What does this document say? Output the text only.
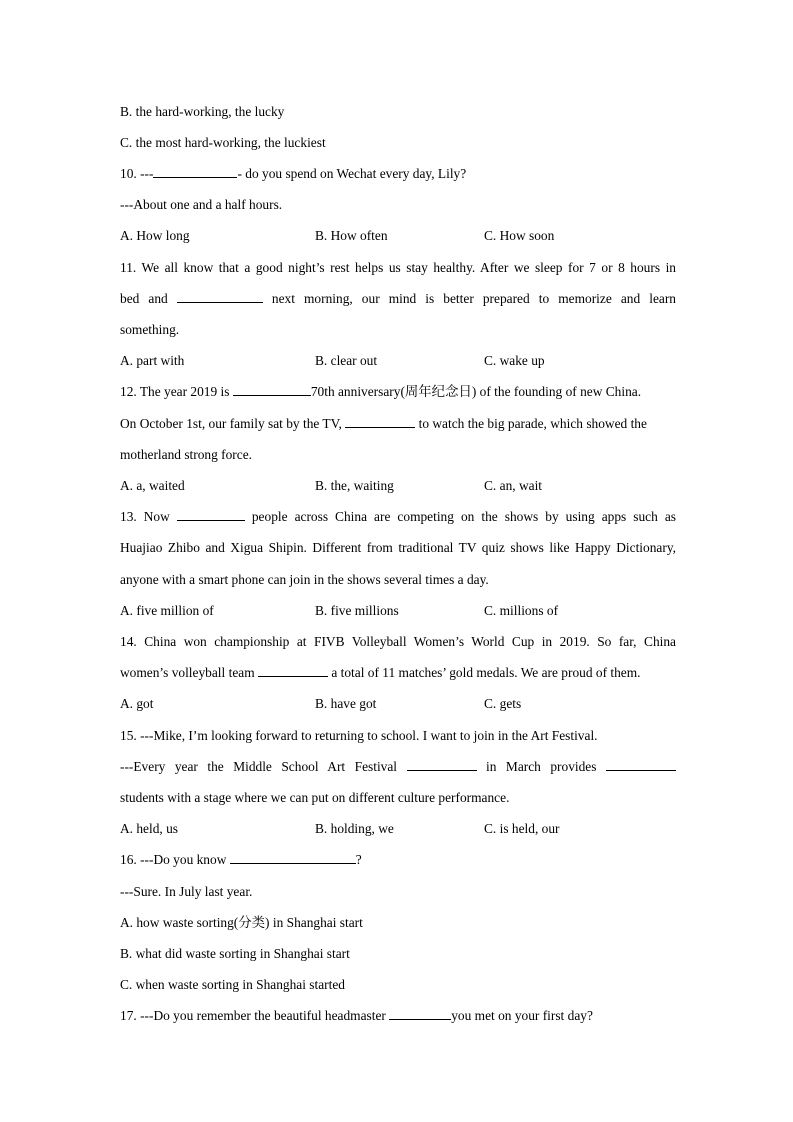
B. the hard-working, the lucky
C. the most hard-working, the luckiest
10. ---	- do you spend on Wechat every day, Lily?
---About one and a half hours.
A. How long	B. How often	C. How soon
11. We all know that a good night’s rest helps us stay healthy. After we sleep for 7 or 8 hours in
bed and	next morning, our mind is better prepared to memorize and learn
something.
A. part with	B. clear out	C. wake up
12. The year 2019 is	70th anniversary(周年纪念日) of the founding of new China.
On October 1st, our family sat by the TV,	to watch the big parade, which showed the
motherland strong force.
A. a, waited	B. the, waiting	C. an, wait
13. Now	people across China are competing on the shows by using apps such as
Huajiao Zhibo and Xigua Shipin. Different from traditional TV quiz shows like Happy Dictionary,
anyone with a smart phone can join in the shows several times a day.
A. five million of	B. five millions	C. millions of
14. China won championship at FIVB Volleyball Women’s World Cup in 2019. So far, China
women’s volleyball team	a total of 11 matches’ gold medals. We are proud of them.
A. got	B. have got	C. gets
15. ---Mike, I’m looking forward to returning to school. I want to join in the Art Festival.
---Every year the Middle School Art Festival	in March provides
students with a stage where we can put on different culture performance.
A. held, us	B. holding, we	C. is held, our
16. ---Do you know	?
---Sure. In July last year.
A. how waste sorting(分类) in Shanghai start
B. what did waste sorting in Shanghai start
C. when waste sorting in Shanghai started
17. ---Do you remember the beautiful headmaster	you met on your first day?
